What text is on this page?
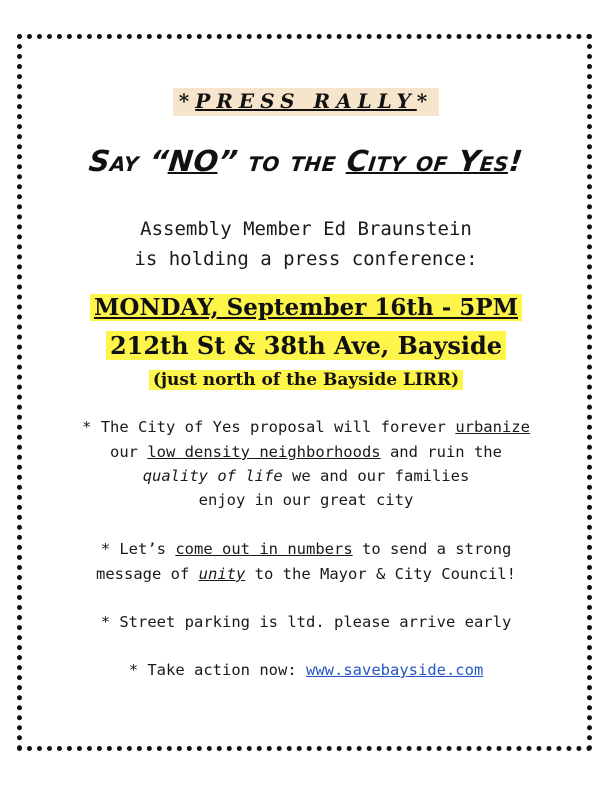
*PRESS RALLY*
Say “NO” to the City of Yes!
Assembly Member Ed Braunstein
is holding a press conference:
MONDAY, September 16th - 5PM
212th St & 38th Ave, Bayside
(just north of the Bayside LIRR)
* The City of Yes proposal will forever urbanize
our low density neighborhoods and ruin the
quality of life we and our families
enjoy in our great city
* Let’s come out in numbers to send a strong
message of unity to the Mayor & City Council!
* Street parking is ltd. please arrive early
* Take action now: www.savebayside.com
